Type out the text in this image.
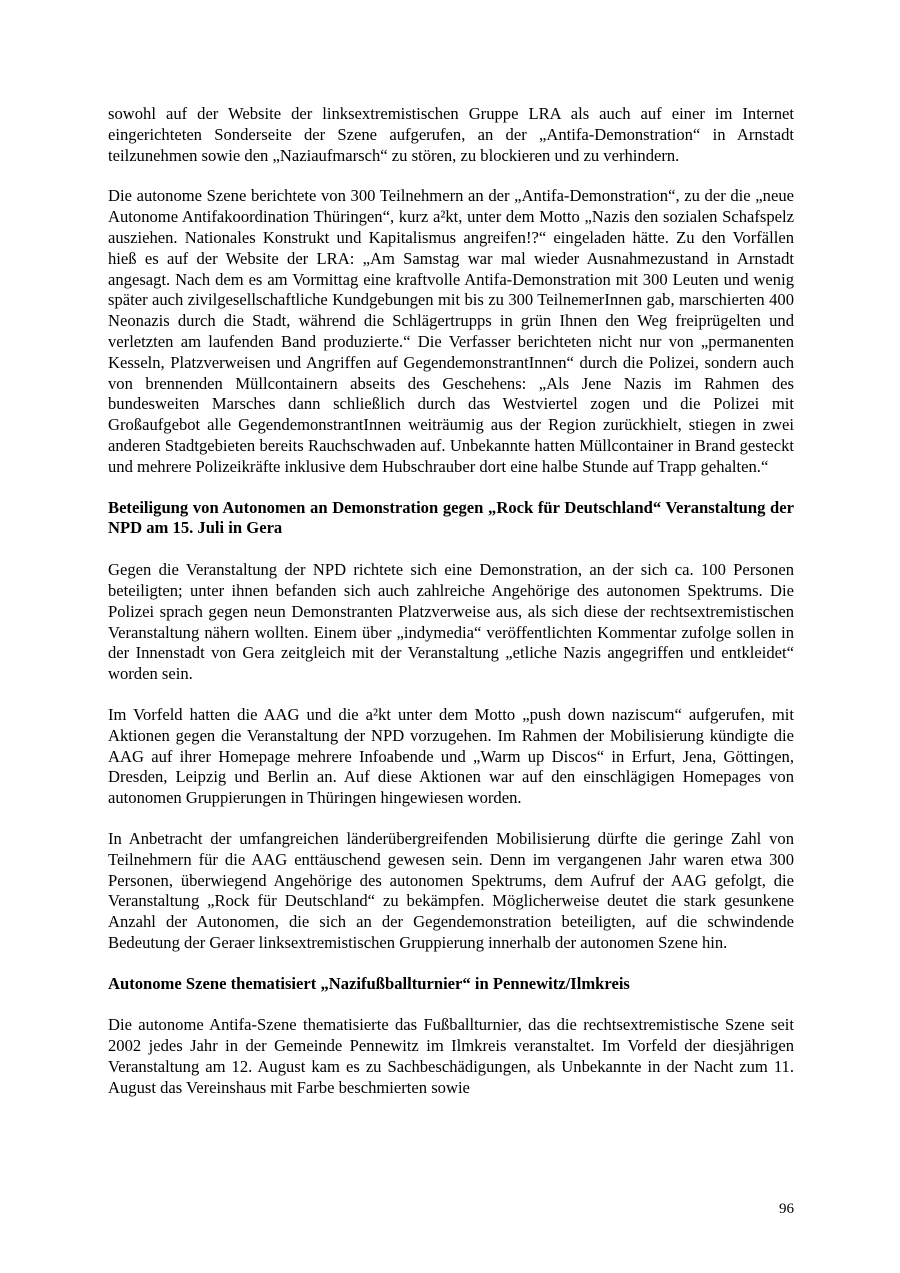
sowohl auf der Website der linksextremistischen Gruppe LRA als auch auf einer im Internet eingerichteten Sonderseite der Szene aufgerufen, an der „Antifa-Demonstration“ in Arnstadt teilzunehmen sowie den „Naziaufmarsch“ zu stören, zu blockieren und zu verhindern.

Die autonome Szene berichtete von 300 Teilnehmern an der „Antifa-Demonstration“, zu der die „neue Autonome Antifakoordination Thüringen“, kurz a²kt, unter dem Motto „Nazis den sozialen Schafspelz ausziehen. Nationales Konstrukt und Kapitalismus angreifen!?“ eingeladen hätte. Zu den Vorfällen hieß es auf der Website der LRA: „Am Samstag war mal wieder Ausnahmezustand in Arnstadt angesagt. Nach dem es am Vormittag eine kraftvolle Antifa-Demonstration mit 300 Leuten und wenig später auch zivilgesellschaftliche Kundgebungen mit bis zu 300 TeilnemerInnen gab, marschierten 400 Neonazis durch die Stadt, während die Schlägertrupps in grün Ihnen den Weg freiprügelten und verletzten am laufenden Band produzierte.“ Die Verfasser berichteten nicht nur von „permanenten Kesseln, Platzverweisen und Angriffen auf GegendemonstrantInnen“ durch die Polizei, sondern auch von brennenden Müllcontainern abseits des Geschehens: „Als Jene Nazis im Rahmen des bundesweiten Marsches dann schließlich durch das Westviertel zogen und die Polizei mit Großaufgebot alle GegendemonstrantInnen weiträumig aus der Region zurückhielt, stiegen in zwei anderen Stadtgebieten bereits Rauchschwaden auf. Unbekannte hatten Müllcontainer in Brand gesteckt und mehrere Polizeikräfte inklusive dem Hubschrauber dort eine halbe Stunde auf Trapp gehalten.“

Beteiligung von Autonomen an Demonstration gegen „Rock für Deutschland“ Veranstaltung der NPD am 15. Juli in Gera

Gegen die Veranstaltung der NPD richtete sich eine Demonstration, an der sich ca. 100 Personen beteiligten; unter ihnen befanden sich auch zahlreiche Angehörige des autonomen Spektrums. Die Polizei sprach gegen neun Demonstranten Platzverweise aus, als sich diese der rechtsextremistischen Veranstaltung nähern wollten. Einem über „indymedia“ veröffentlichten Kommentar zufolge sollen in der Innenstadt von Gera zeitgleich mit der Veranstaltung „etliche Nazis angegriffen und entkleidet“ worden sein.

Im Vorfeld hatten die AAG und die a²kt unter dem Motto „push down naziscum“ aufgerufen, mit Aktionen gegen die Veranstaltung der NPD vorzugehen. Im Rahmen der Mobilisierung kündigte die AAG auf ihrer Homepage mehrere Infoabende und „Warm up Discos“ in Erfurt, Jena, Göttingen, Dresden, Leipzig und Berlin an. Auf diese Aktionen war auf den einschlägigen Homepages von autonomen Gruppierungen in Thüringen hingewiesen worden.

In Anbetracht der umfangreichen länderübergreifenden Mobilisierung dürfte die geringe Zahl von Teilnehmern für die AAG enttäuschend gewesen sein. Denn im vergangenen Jahr waren etwa 300 Personen, überwiegend Angehörige des autonomen Spektrums, dem Aufruf der AAG gefolgt, die Veranstaltung „Rock für Deutschland“ zu bekämpfen. Möglicherweise deutet die stark gesunkene Anzahl der Autonomen, die sich an der Gegendemonstration beteiligten, auf die schwindende Bedeutung der Geraer linksextremistischen Gruppierung innerhalb der autonomen Szene hin.

Autonome Szene thematisiert „Nazifußballturnier“ in Pennewitz/Ilmkreis

Die autonome Antifa-Szene thematisierte das Fußballturnier, das die rechtsextremistische Szene seit 2002 jedes Jahr in der Gemeinde Pennewitz im Ilmkreis veranstaltet. Im Vorfeld der diesjährigen Veranstaltung am 12. August kam es zu Sachbeschädigungen, als Unbekannte in der Nacht zum 11. August das Vereinshaus mit Farbe beschmierten sowie

96
